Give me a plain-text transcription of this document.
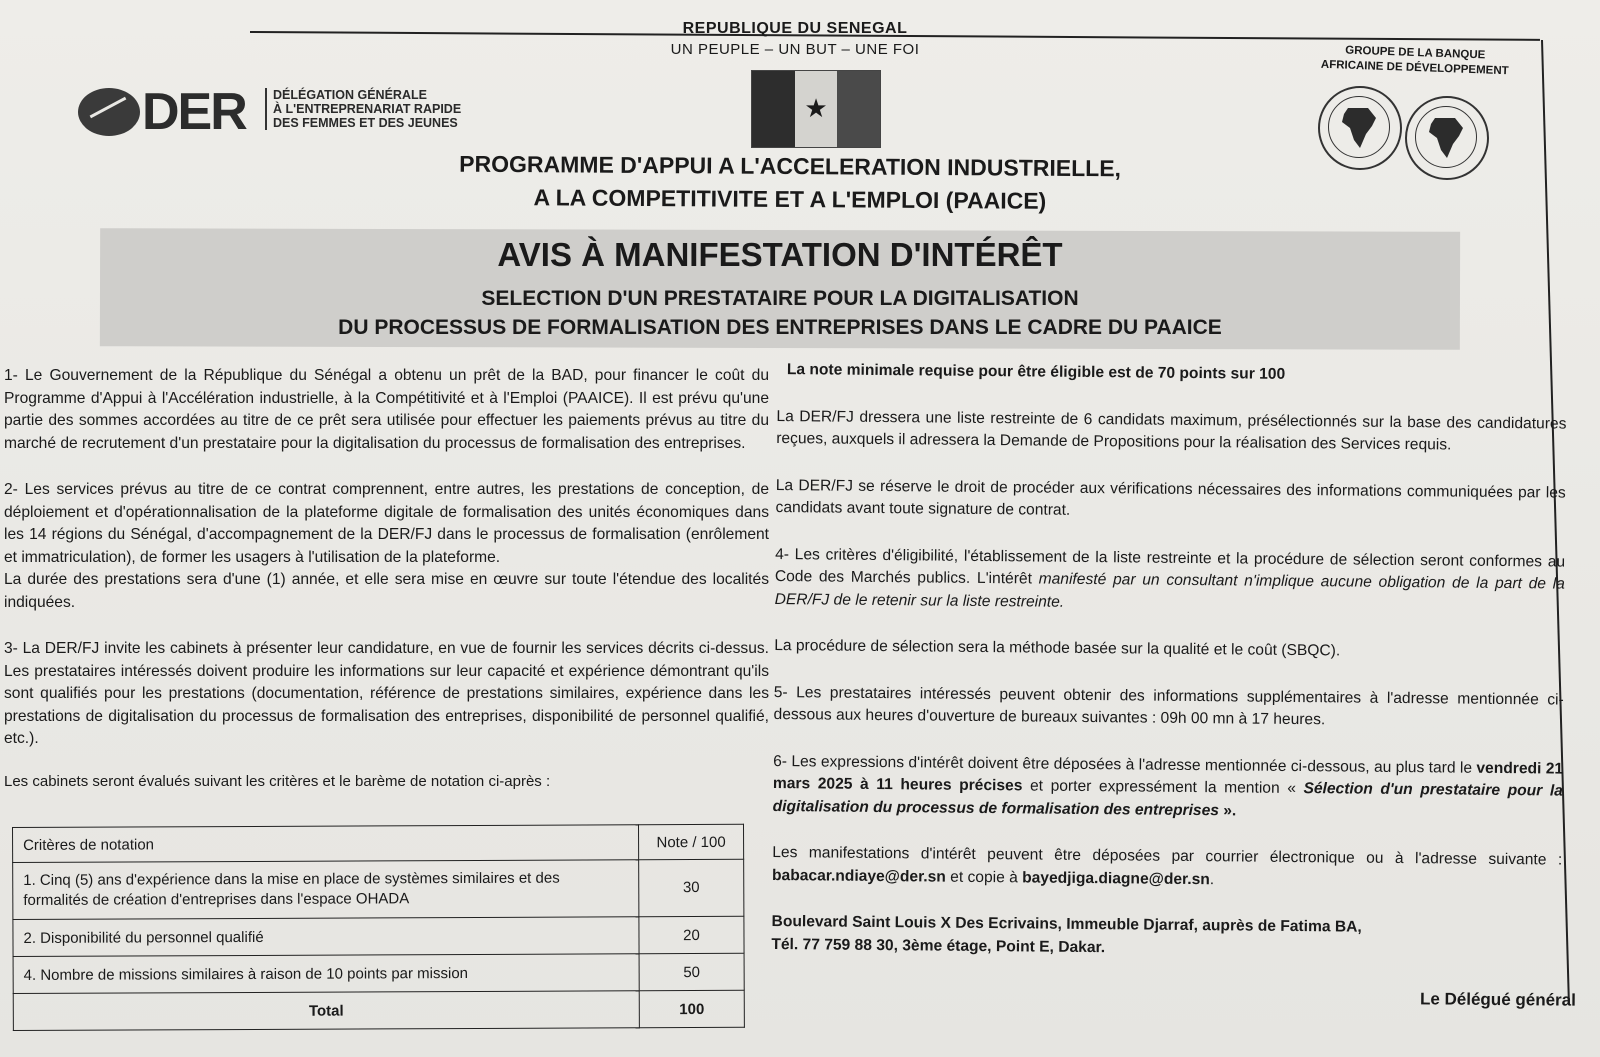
REPUBLIQUE DU SENEGAL
UN PEUPLE – UN BUT – UNE FOI
★
DER DÉLÉGATION GÉNÉRALE
À L'ENTREPRENARIAT RAPIDE
DES FEMMES ET DES JEUNES
GROUPE DE LA BANQUE
AFRICAINE DE DÉVELOPPEMENT
PROGRAMME D'APPUI A L'ACCELERATION INDUSTRIELLE,
A LA COMPETITIVITE ET A L'EMPLOI (PAAICE)
AVIS À MANIFESTATION D'INTÉRÊT
SELECTION D'UN PRESTATAIRE POUR LA DIGITALISATION
DU PROCESSUS DE FORMALISATION DES ENTREPRISES DANS LE CADRE DU PAAICE

1- Le Gouvernement de la République du Sénégal a obtenu un prêt de la BAD, pour financer le coût du Programme d'Appui à l'Accélération industrielle, à la Compétitivité et à l'Emploi (PAAICE). Il est prévu qu'une partie des sommes accordées au titre de ce prêt sera utilisée pour effectuer les paiements prévus au titre du marché de recrutement d'un prestataire pour la digitalisation du processus de formalisation des entreprises.

2- Les services prévus au titre de ce contrat comprennent, entre autres, les prestations de conception, de déploiement et d'opérationnalisation de la plateforme digitale de formalisation des unités économiques dans les 14 régions du Sénégal, d'accompagnement de la DER/FJ dans le processus de formalisation (enrôlement et immatriculation), de former les usagers à l'utilisation de la plateforme.

La durée des prestations sera d'une (1) année, et elle sera mise en œuvre sur toute l'étendue des localités indiquées.

3- La DER/FJ invite les cabinets à présenter leur candidature, en vue de fournir les services décrits ci-dessus. Les prestataires intéressés doivent produire les informations sur leur capacité et expérience démontrant qu'ils sont qualifiés pour les prestations (documentation, référence de prestations similaires, expérience dans les prestations de digitalisation du processus de formalisation des entreprises, disponibilité de personnel qualifié, etc.).

Les cabinets seront évalués suivant les critères et le barème de notation ci-après :

Critères de notation	Note / 100
1. Cinq (5) ans d'expérience dans la mise en place de systèmes similaires et des formalités de création d'entreprises dans l'espace OHADA	30
2. Disponibilité du personnel qualifié	20
4. Nombre de missions similaires à raison de 10 points par mission	50
Total	100

La note minimale requise pour être éligible est de 70 points sur 100

La DER/FJ dressera une liste restreinte de 6 candidats maximum, présélectionnés sur la base des candidatures reçues, auxquels il adressera la Demande de Propositions pour la réalisation des Services requis.

La DER/FJ se réserve le droit de procéder aux vérifications nécessaires des informations communiquées par les candidats avant toute signature de contrat.

4- Les critères d'éligibilité, l'établissement de la liste restreinte et la procédure de sélection seront conformes au Code des Marchés publics. L'intérêt manifesté par un consultant n'implique aucune obligation de la part de la DER/FJ de le retenir sur la liste restreinte.

La procédure de sélection sera la méthode basée sur la qualité et le coût (SBQC).

5- Les prestataires intéressés peuvent obtenir des informations supplémentaires à l'adresse mentionnée ci-dessous aux heures d'ouverture de bureaux suivantes : 09h 00 mn à 17 heures.

6- Les expressions d'intérêt doivent être déposées à l'adresse mentionnée ci-dessous, au plus tard le vendredi 21 mars 2025 à 11 heures précises et porter expressément la mention « Sélection d'un prestataire pour la digitalisation du processus de formalisation des entreprises ».

Les manifestations d'intérêt peuvent être déposées par courrier électronique ou à l'adresse suivante : babacar.ndiaye@der.sn et copie à bayedjiga.diagne@der.sn.

Boulevard Saint Louis X Des Ecrivains, Immeuble Djarraf, auprès de Fatima BA,
Tél. 77 759 88 30, 3ème étage, Point E, Dakar.

Le Délégué général
